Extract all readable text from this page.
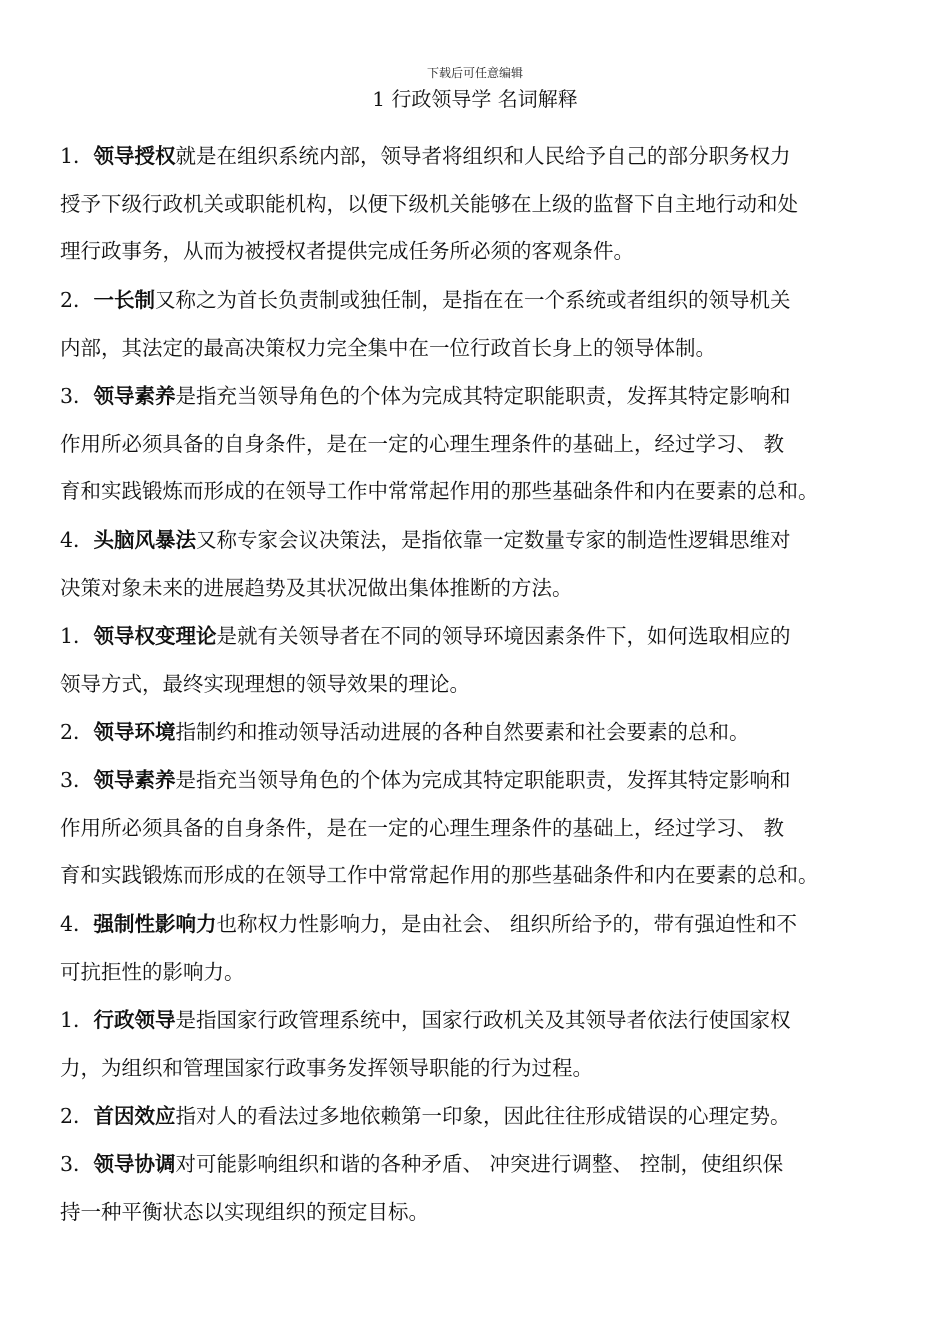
下载后可任意编辑
1 行政领导学 名词解释

1．领导授权就是在组织系统内部，领导者将组织和人民给予自己的部分职务权力
授予下级行政机关或职能机构，以便下级机关能够在上级的监督下自主地行动和处
理行政事务，从而为被授权者提供完成任务所必须的客观条件。

2．一长制又称之为首长负责制或独任制，是指在在一个系统或者组织的领导机关
内部，其法定的最高决策权力完全集中在一位行政首长身上的领导体制。

3．领导素养是指充当领导角色的个体为完成其特定职能职责，发挥其特定影响和
作用所必须具备的自身条件，是在一定的心理生理条件的基础上，经过学习、 教
育和实践锻炼而形成的在领导工作中常常起作用的那些基础条件和内在要素的总和。

4．头脑风暴法又称专家会议决策法，是指依靠一定数量专家的制造性逻辑思维对
决策对象未来的进展趋势及其状况做出集体推断的方法。

1．领导权变理论是就有关领导者在不同的领导环境因素条件下，如何选取相应的
领导方式，最终实现理想的领导效果的理论。

2．领导环境指制约和推动领导活动进展的各种自然要素和社会要素的总和。

3．领导素养是指充当领导角色的个体为完成其特定职能职责，发挥其特定影响和
作用所必须具备的自身条件，是在一定的心理生理条件的基础上，经过学习、 教
育和实践锻炼而形成的在领导工作中常常起作用的那些基础条件和内在要素的总和。

4．强制性影响力也称权力性影响力，是由社会、 组织所给予的，带有强迫性和不
可抗拒性的影响力。

1．行政领导是指国家行政管理系统中，国家行政机关及其领导者依法行使国家权
力，为组织和管理国家行政事务发挥领导职能的行为过程。

2．首因效应指对人的看法过多地依赖第一印象，因此往往形成错误的心理定势。

3．领导协调对可能影响组织和谐的各种矛盾、 冲突进行调整、 控制，使组织保
持一种平衡状态以实现组织的预定目标。
